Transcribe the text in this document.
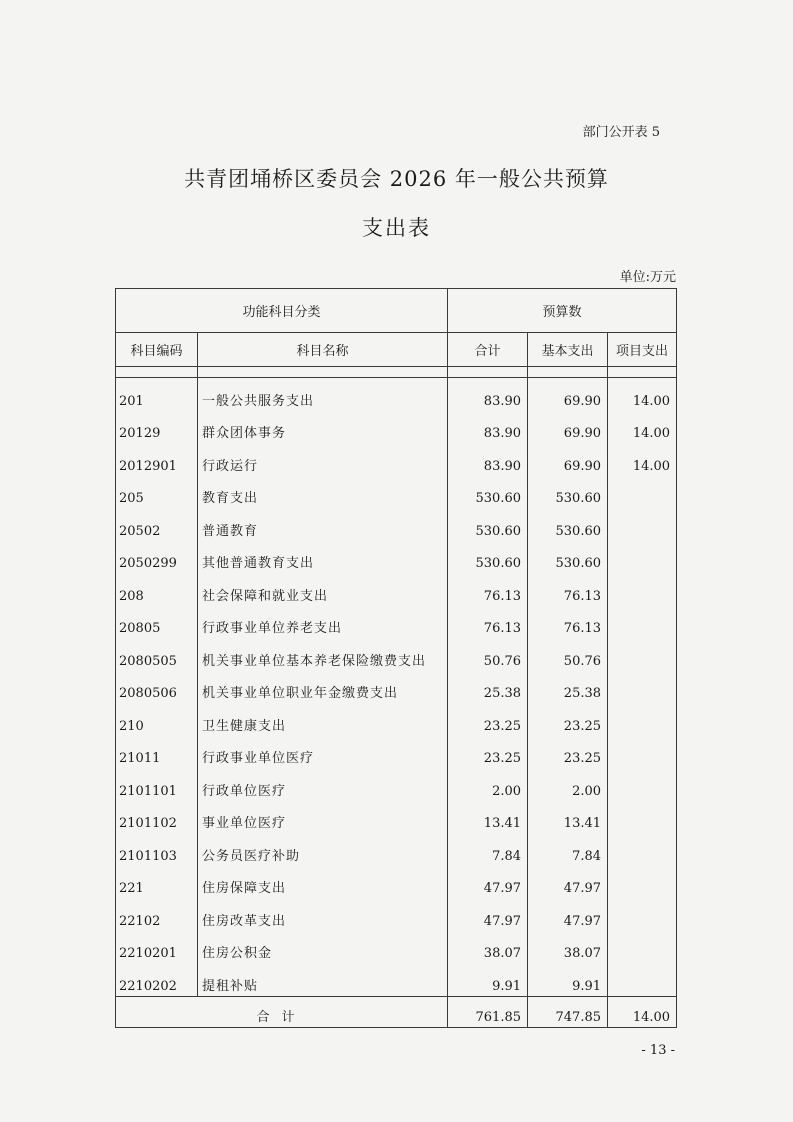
部门公开表 5
共青团埇桥区委员会 2026 年一般公共预算
支出表
单位:万元
功能科目分类		预算数		
科目编码	科目名称	合计	基本支出	项目支出

201	一般公共服务支出	83.90	69.90	14.00
20129	群众团体事务	83.90	69.90	14.00
2012901	行政运行	83.90	69.90	14.00
205	教育支出	530.60	530.60	
20502	普通教育	530.60	530.60	
2050299	其他普通教育支出	530.60	530.60	
208	社会保障和就业支出	76.13	76.13	
20805	行政事业单位养老支出	76.13	76.13	
2080505	机关事业单位基本养老保险缴费支出	50.76	50.76	
2080506	机关事业单位职业年金缴费支出	25.38	25.38	
210	卫生健康支出	23.25	23.25	
21011	行政事业单位医疗	23.25	23.25	
2101101	行政单位医疗	2.00	2.00	
2101102	事业单位医疗	13.41	13.41	
2101103	公务员医疗补助	7.84	7.84	
221	住房保障支出	47.97	47.97	
22102	住房改革支出	47.97	47.97	
2210201	住房公积金	38.07	38.07	
2210202	提租补贴	9.91	9.91	
合计		761.85	747.85	14.00
- 13 -
